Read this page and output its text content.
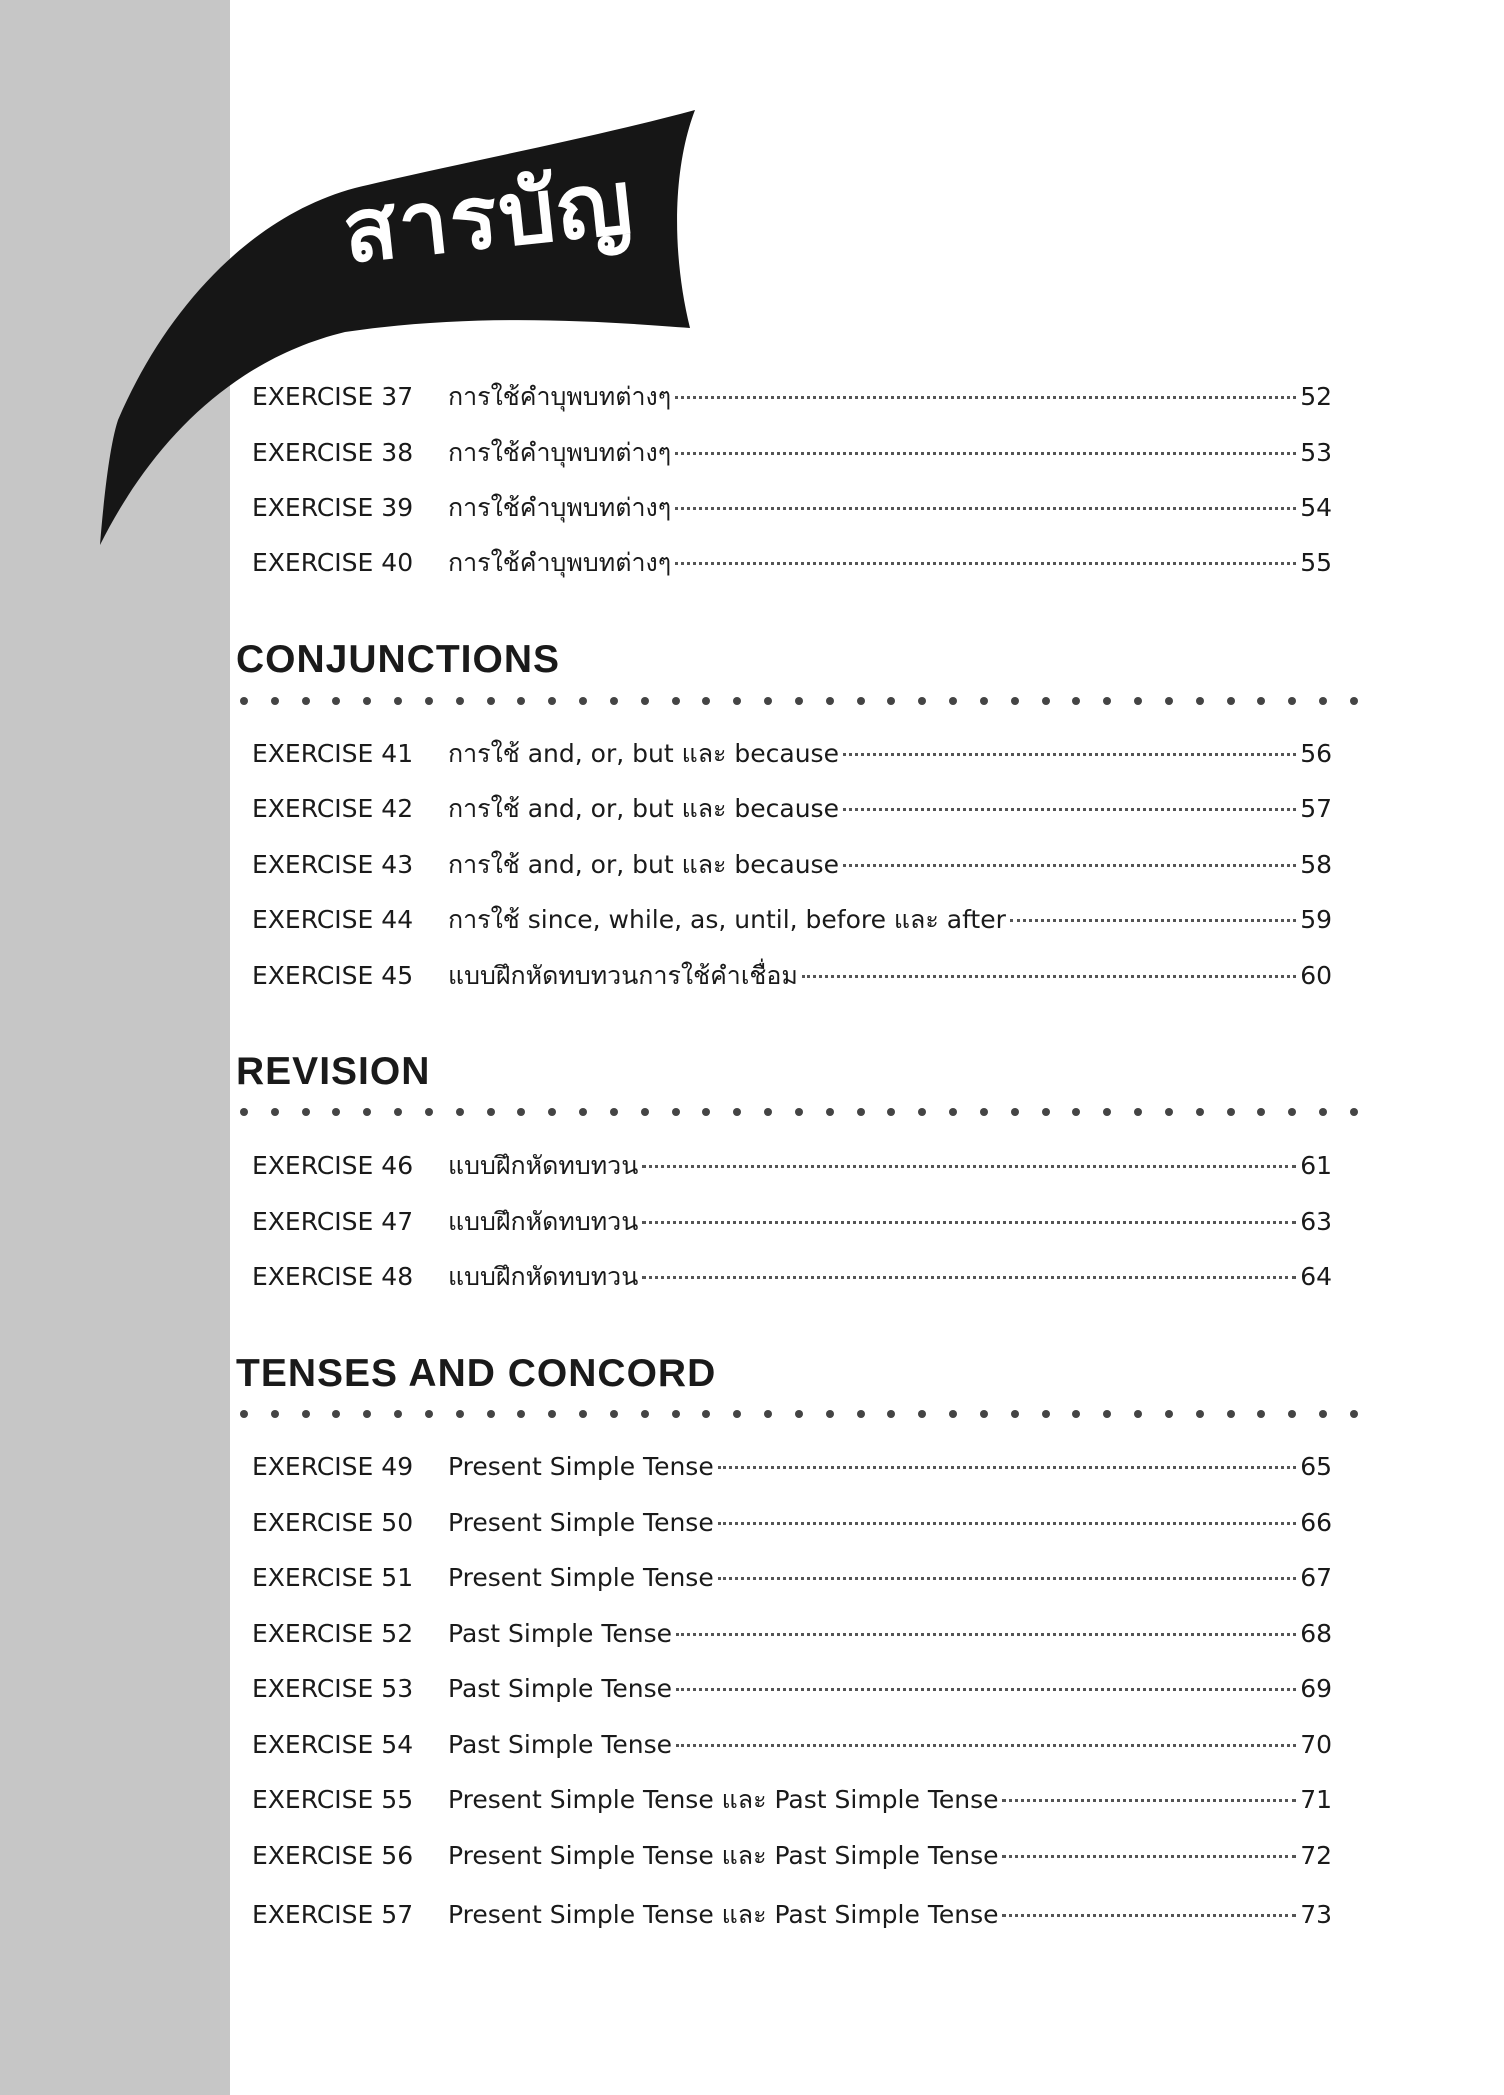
สารบัญ
EXERCISE 37	การใช้คำบุพบทต่างๆ	52
EXERCISE 38	การใช้คำบุพบทต่างๆ	53
EXERCISE 39	การใช้คำบุพบทต่างๆ	54
EXERCISE 40	การใช้คำบุพบทต่างๆ	55
CONJUNCTIONS
EXERCISE 41	การใช้ and, or, but และ because	56
EXERCISE 42	การใช้ and, or, but และ because	57
EXERCISE 43	การใช้ and, or, but และ because	58
EXERCISE 44	การใช้ since, while, as, until, before และ after	59
EXERCISE 45	แบบฝึกหัดทบทวนการใช้คำเชื่อม	60
REVISION
EXERCISE 46	แบบฝึกหัดทบทวน	61
EXERCISE 47	แบบฝึกหัดทบทวน	63
EXERCISE 48	แบบฝึกหัดทบทวน	64
TENSES AND CONCORD
EXERCISE 49	Present Simple Tense	65
EXERCISE 50	Present Simple Tense	66
EXERCISE 51	Present Simple Tense	67
EXERCISE 52	Past Simple Tense	68
EXERCISE 53	Past Simple Tense	69
EXERCISE 54	Past Simple Tense	70
EXERCISE 55	Present Simple Tense และ Past Simple Tense	71
EXERCISE 56	Present Simple Tense และ Past Simple Tense	72
EXERCISE 57	Present Simple Tense และ Past Simple Tense	73
